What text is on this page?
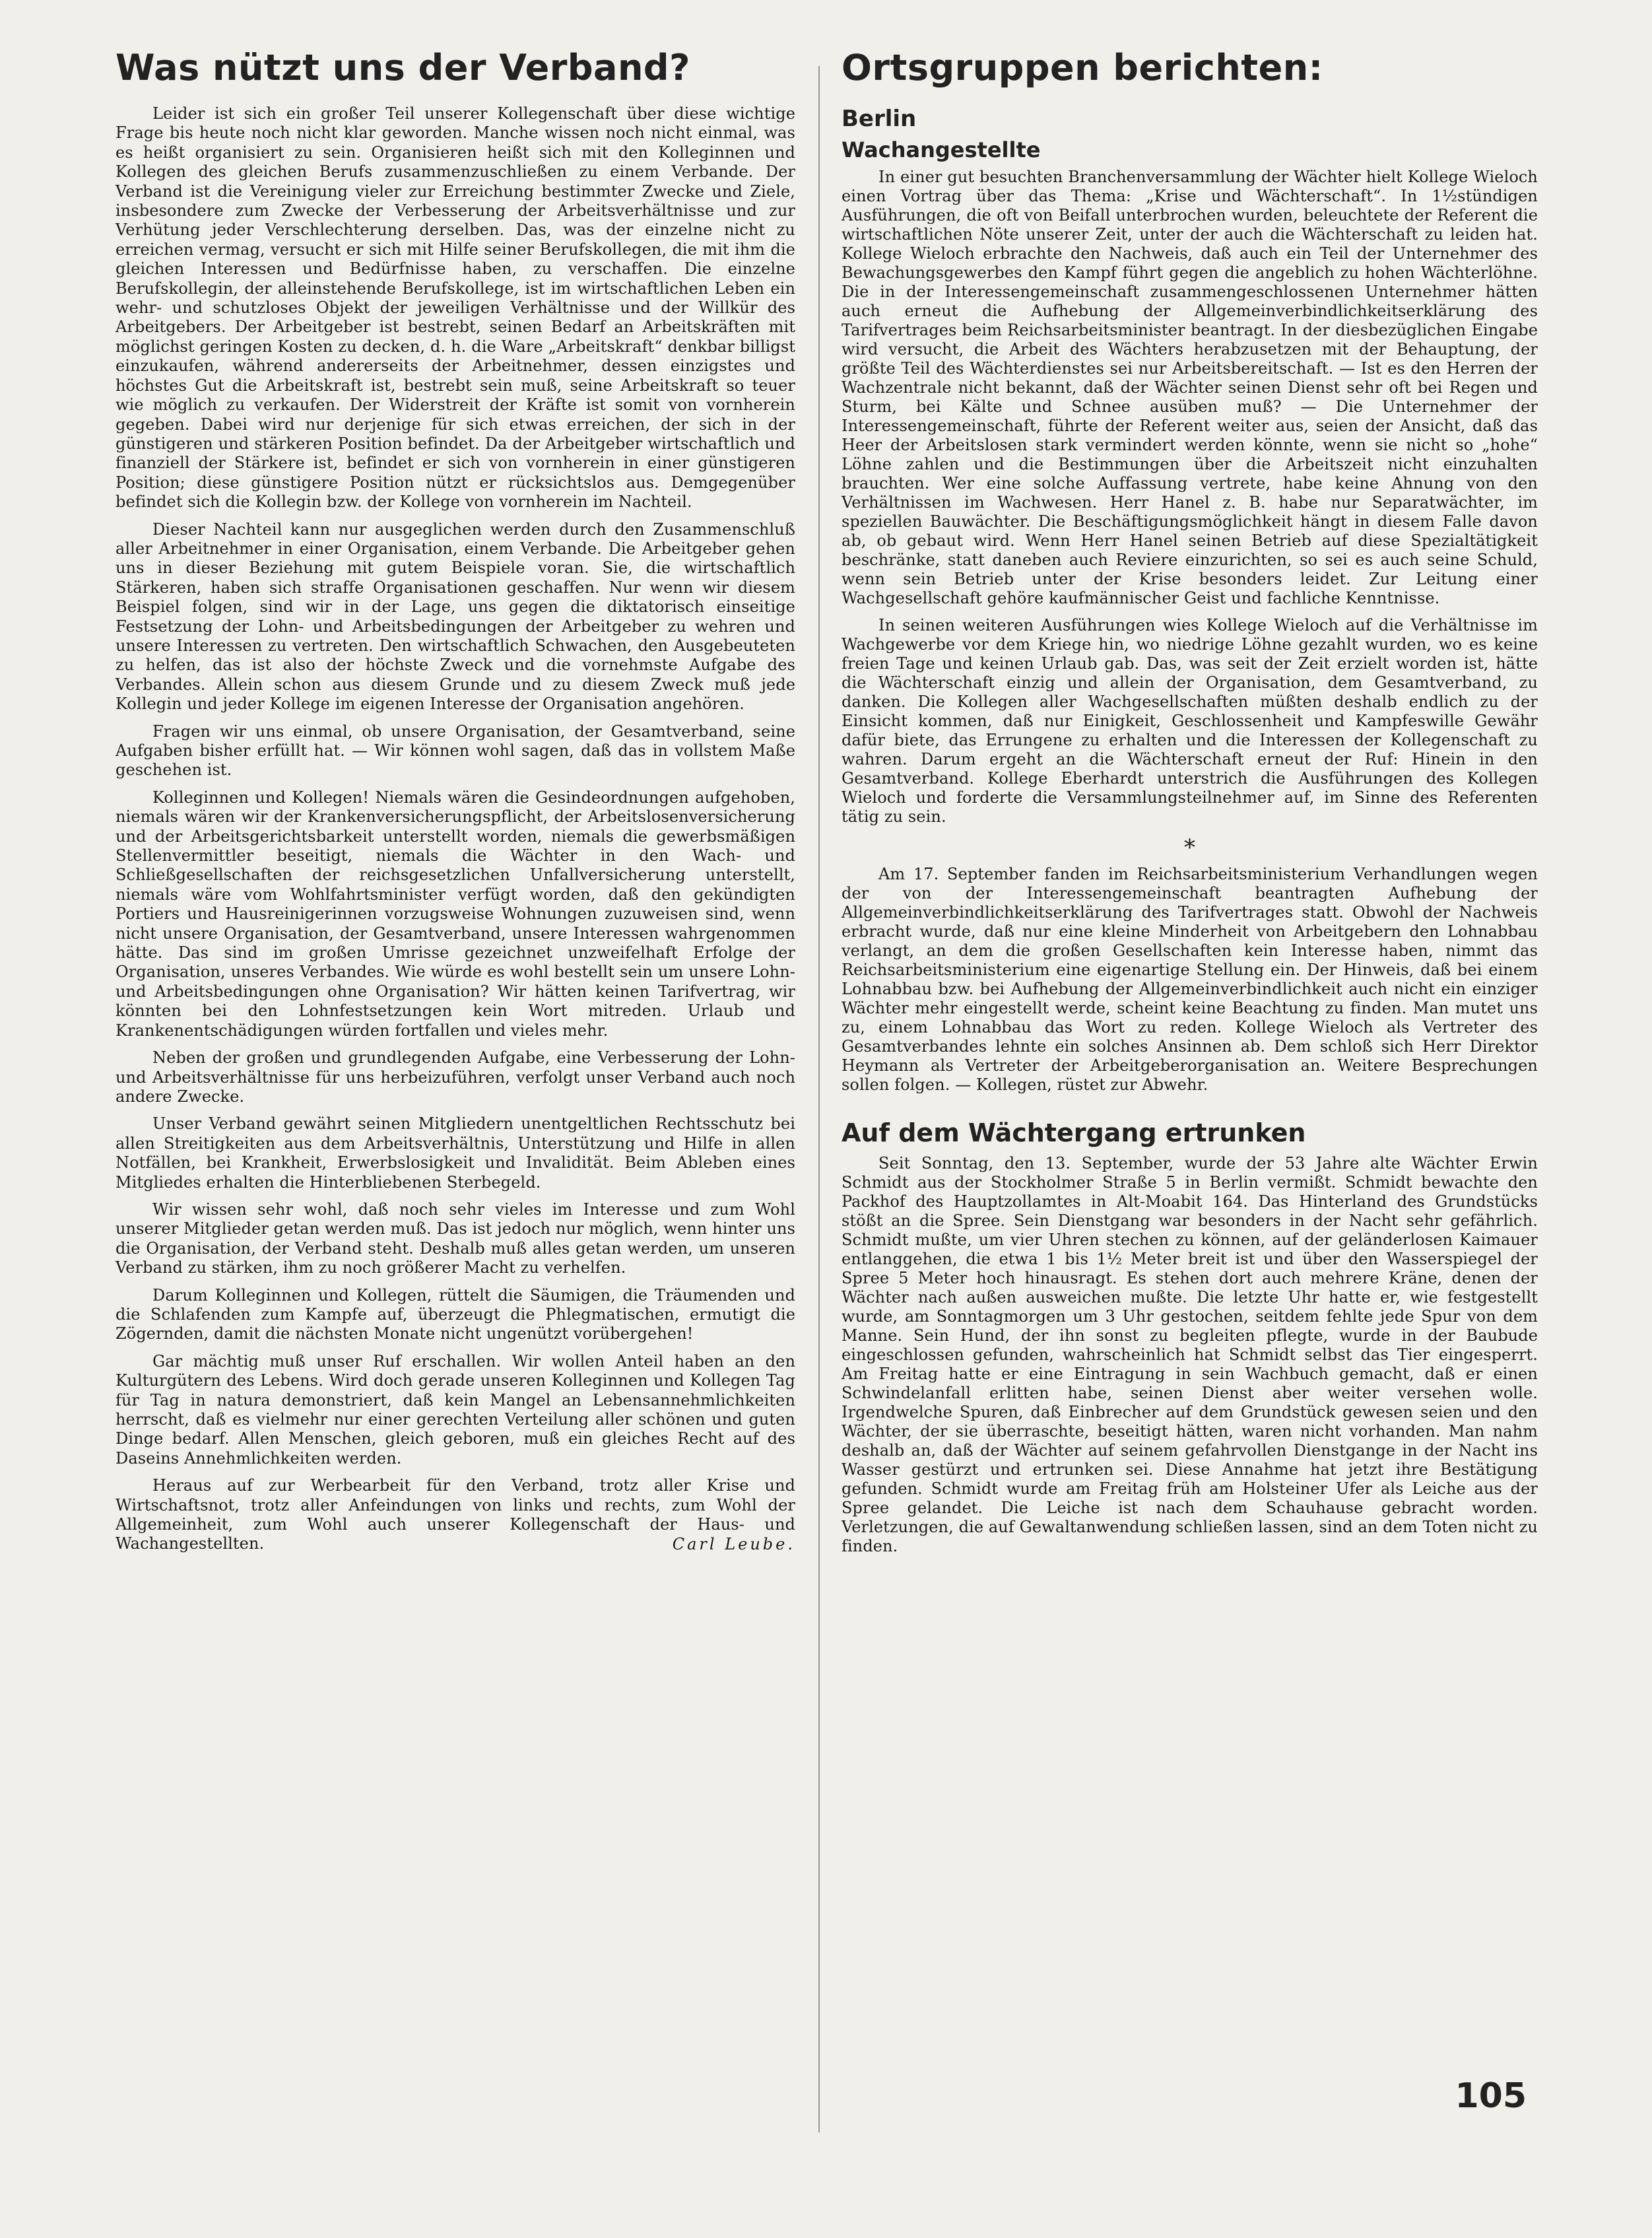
Was nützt uns der Verband?

Leider ist sich ein großer Teil unserer Kollegenschaft über diese wichtige Frage bis heute noch nicht klar geworden. Manche wissen noch nicht einmal, was es heißt organisiert zu sein. Organisieren heißt sich mit den Kolleginnen und Kollegen des gleichen Berufs zusammenzuschließen zu einem Verbande. Der Verband ist die Vereinigung vieler zur Erreichung bestimmter Zwecke und Ziele, insbesondere zum Zwecke der Verbesserung der Arbeitsverhältnisse und zur Verhütung jeder Verschlechterung derselben. Das, was der einzelne nicht zu erreichen vermag, versucht er sich mit Hilfe seiner Berufskollegen, die mit ihm die gleichen Interessen und Bedürfnisse haben, zu verschaffen. Die einzelne Berufskollegin, der alleinstehende Berufskollege, ist im wirtschaftlichen Leben ein wehr- und schutzloses Objekt der jeweiligen Verhältnisse und der Willkür des Arbeitgebers. Der Arbeitgeber ist bestrebt, seinen Bedarf an Arbeitskräften mit möglichst geringen Kosten zu decken, d. h. die Ware „Arbeitskraft“ denkbar billigst einzukaufen, während andererseits der Arbeitnehmer, dessen einzigstes und höchstes Gut die Arbeitskraft ist, bestrebt sein muß, seine Arbeitskraft so teuer wie möglich zu verkaufen. Der Widerstreit der Kräfte ist somit von vornherein gegeben. Dabei wird nur derjenige für sich etwas erreichen, der sich in der günstigeren und stärkeren Position befindet. Da der Arbeitgeber wirtschaftlich und finanziell der Stärkere ist, befindet er sich von vornherein in einer günstigeren Position; diese günstigere Position nützt er rücksichtslos aus. Demgegenüber befindet sich die Kollegin bzw. der Kollege von vornherein im Nachteil.

Dieser Nachteil kann nur ausgeglichen werden durch den Zusammenschluß aller Arbeitnehmer in einer Organisation, einem Verbande. Die Arbeitgeber gehen uns in dieser Beziehung mit gutem Beispiele voran. Sie, die wirtschaftlich Stärkeren, haben sich straffe Organisationen geschaffen. Nur wenn wir diesem Beispiel folgen, sind wir in der Lage, uns gegen die diktatorisch einseitige Festsetzung der Lohn- und Arbeitsbedingungen der Arbeitgeber zu wehren und unsere Interessen zu vertreten. Den wirtschaftlich Schwachen, den Ausgebeuteten zu helfen, das ist also der höchste Zweck und die vornehmste Aufgabe des Verbandes. Allein schon aus diesem Grunde und zu diesem Zweck muß jede Kollegin und jeder Kollege im eigenen Interesse der Organisation angehören.

Fragen wir uns einmal, ob unsere Organisation, der Gesamtverband, seine Aufgaben bisher erfüllt hat. — Wir können wohl sagen, daß das in vollstem Maße geschehen ist.

Kolleginnen und Kollegen! Niemals wären die Gesindeordnungen aufgehoben, niemals wären wir der Krankenversicherungspflicht, der Arbeitslosenversicherung und der Arbeitsgerichtsbarkeit unterstellt worden, niemals die gewerbsmäßigen Stellenvermittler beseitigt, niemals die Wächter in den Wach- und Schließgesellschaften der reichsgesetzlichen Unfallversicherung unterstellt, niemals wäre vom Wohlfahrtsminister verfügt worden, daß den gekündigten Portiers und Hausreinigerinnen vorzugsweise Wohnungen zuzuweisen sind, wenn nicht unsere Organisation, der Gesamtverband, unsere Interessen wahrgenommen hätte. Das sind im großen Umrisse gezeichnet unzweifelhaft Erfolge der Organisation, unseres Verbandes. Wie würde es wohl bestellt sein um unsere Lohn- und Arbeitsbedingungen ohne Organisation? Wir hätten keinen Tarifvertrag, wir könnten bei den Lohnfestsetzungen kein Wort mitreden. Urlaub und Krankenentschädigungen würden fortfallen und vieles mehr.

Neben der großen und grundlegenden Aufgabe, eine Verbesserung der Lohn- und Arbeitsverhältnisse für uns herbeizuführen, verfolgt unser Verband auch noch andere Zwecke.

Unser Verband gewährt seinen Mitgliedern unentgeltlichen Rechtsschutz bei allen Streitigkeiten aus dem Arbeitsverhältnis, Unterstützung und Hilfe in allen Notfällen, bei Krankheit, Erwerbslosigkeit und Invalidität. Beim Ableben eines Mitgliedes erhalten die Hinterbliebenen Sterbegeld.

Wir wissen sehr wohl, daß noch sehr vieles im Interesse und zum Wohl unserer Mitglieder getan werden muß. Das ist jedoch nur möglich, wenn hinter uns die Organisation, der Verband steht. Deshalb muß alles getan werden, um unseren Verband zu stärken, ihm zu noch größerer Macht zu verhelfen.

Darum Kolleginnen und Kollegen, rüttelt die Säumigen, die Träumenden und die Schlafenden zum Kampfe auf, überzeugt die Phlegmatischen, ermutigt die Zögernden, damit die nächsten Monate nicht ungenützt vorübergehen!

Gar mächtig muß unser Ruf erschallen. Wir wollen Anteil haben an den Kulturgütern des Lebens. Wird doch gerade unseren Kolleginnen und Kollegen Tag für Tag in natura demonstriert, daß kein Mangel an Lebensannehmlichkeiten herrscht, daß es vielmehr nur einer gerechten Verteilung aller schönen und guten Dinge bedarf. Allen Menschen, gleich geboren, muß ein gleiches Recht auf des Daseins Annehmlichkeiten werden.

Heraus auf zur Werbearbeit für den Verband, trotz aller Krise und Wirtschaftsnot, trotz aller Anfeindungen von links und rechts, zum Wohl der Allgemeinheit, zum Wohl auch unserer Kollegenschaft der Haus- und Wachangestellten.	Carl Leube.

Ortsgruppen berichten:
Berlin
Wachangestellte

In einer gut besuchten Branchenversammlung der Wächter hielt Kollege Wieloch einen Vortrag über das Thema: „Krise und Wächterschaft“. In 1½stündigen Ausführungen, die oft von Beifall unterbrochen wurden, beleuchtete der Referent die wirtschaftlichen Nöte unserer Zeit, unter der auch die Wächterschaft zu leiden hat. Kollege Wieloch erbrachte den Nachweis, daß auch ein Teil der Unternehmer des Bewachungsgewerbes den Kampf führt gegen die angeblich zu hohen Wächterlöhne. Die in der Interessengemeinschaft zusammengeschlossenen Unternehmer hätten auch erneut die Aufhebung der Allgemeinverbindlichkeitserklärung des Tarifvertrages beim Reichsarbeitsminister beantragt. In der diesbezüglichen Eingabe wird versucht, die Arbeit des Wächters herabzusetzen mit der Behauptung, der größte Teil des Wächterdienstes sei nur Arbeitsbereitschaft. — Ist es den Herren der Wachzentrale nicht bekannt, daß der Wächter seinen Dienst sehr oft bei Regen und Sturm, bei Kälte und Schnee ausüben muß? — Die Unternehmer der Interessengemeinschaft, führte der Referent weiter aus, seien der Ansicht, daß das Heer der Arbeitslosen stark vermindert werden könnte, wenn sie nicht so „hohe“ Löhne zahlen und die Bestimmungen über die Arbeitszeit nicht einzuhalten brauchten. Wer eine solche Auffassung vertrete, habe keine Ahnung von den Verhältnissen im Wachwesen. Herr Hanel z. B. habe nur Separatwächter, im speziellen Bauwächter. Die Beschäftigungsmöglichkeit hängt in diesem Falle davon ab, ob gebaut wird. Wenn Herr Hanel seinen Betrieb auf diese Spezialtätigkeit beschränke, statt daneben auch Reviere einzurichten, so sei es auch seine Schuld, wenn sein Betrieb unter der Krise besonders leidet. Zur Leitung einer Wachgesellschaft gehöre kaufmännischer Geist und fachliche Kenntnisse.

In seinen weiteren Ausführungen wies Kollege Wieloch auf die Verhältnisse im Wachgewerbe vor dem Kriege hin, wo niedrige Löhne gezahlt wurden, wo es keine freien Tage und keinen Urlaub gab. Das, was seit der Zeit erzielt worden ist, hätte die Wächterschaft einzig und allein der Organisation, dem Gesamtverband, zu danken. Die Kollegen aller Wachgesellschaften müßten deshalb endlich zu der Einsicht kommen, daß nur Einigkeit, Geschlossenheit und Kampfeswille Gewähr dafür biete, das Errungene zu erhalten und die Interessen der Kollegenschaft zu wahren. Darum ergeht an die Wächterschaft erneut der Ruf: Hinein in den Gesamtverband. Kollege Eberhardt unterstrich die Ausführungen des Kollegen Wieloch und forderte die Versammlungsteilnehmer auf, im Sinne des Referenten tätig zu sein.

*

Am 17. September fanden im Reichsarbeitsministerium Verhandlungen wegen der von der Interessengemeinschaft beantragten Aufhebung der Allgemeinverbindlichkeitserklärung des Tarifvertrages statt. Obwohl der Nachweis erbracht wurde, daß nur eine kleine Minderheit von Arbeitgebern den Lohnabbau verlangt, an dem die großen Gesellschaften kein Interesse haben, nimmt das Reichsarbeitsministerium eine eigenartige Stellung ein. Der Hinweis, daß bei einem Lohnabbau bzw. bei Aufhebung der Allgemeinverbindlichkeit auch nicht ein einziger Wächter mehr eingestellt werde, scheint keine Beachtung zu finden. Man mutet uns zu, einem Lohnabbau das Wort zu reden. Kollege Wieloch als Vertreter des Gesamtverbandes lehnte ein solches Ansinnen ab. Dem schloß sich Herr Direktor Heymann als Vertreter der Arbeitgeberorganisation an. Weitere Besprechungen sollen folgen. — Kollegen, rüstet zur Abwehr.

Auf dem Wächtergang ertrunken

Seit Sonntag, den 13. September, wurde der 53 Jahre alte Wächter Erwin Schmidt aus der Stockholmer Straße 5 in Berlin vermißt. Schmidt bewachte den Packhof des Hauptzollamtes in Alt-Moabit 164. Das Hinterland des Grundstücks stößt an die Spree. Sein Dienstgang war besonders in der Nacht sehr gefährlich. Schmidt mußte, um vier Uhren stechen zu können, auf der geländerlosen Kaimauer entlanggehen, die etwa 1 bis 1½ Meter breit ist und über den Wasserspiegel der Spree 5 Meter hoch hinausragt. Es stehen dort auch mehrere Kräne, denen der Wächter nach außen ausweichen mußte. Die letzte Uhr hatte er, wie festgestellt wurde, am Sonntagmorgen um 3 Uhr gestochen, seitdem fehlte jede Spur von dem Manne. Sein Hund, der ihn sonst zu begleiten pflegte, wurde in der Baubude eingeschlossen gefunden, wahrscheinlich hat Schmidt selbst das Tier eingesperrt. Am Freitag hatte er eine Eintragung in sein Wachbuch gemacht, daß er einen Schwindelanfall erlitten habe, seinen Dienst aber weiter versehen wolle. Irgendwelche Spuren, daß Einbrecher auf dem Grundstück gewesen seien und den Wächter, der sie überraschte, beseitigt hätten, waren nicht vorhanden. Man nahm deshalb an, daß der Wächter auf seinem gefahrvollen Dienstgange in der Nacht ins Wasser gestürzt und ertrunken sei. Diese Annahme hat jetzt ihre Bestätigung gefunden. Schmidt wurde am Freitag früh am Holsteiner Ufer als Leiche aus der Spree gelandet. Die Leiche ist nach dem Schauhause gebracht worden. Verletzungen, die auf Gewaltanwendung schließen lassen, sind an dem Toten nicht zu finden.

105
